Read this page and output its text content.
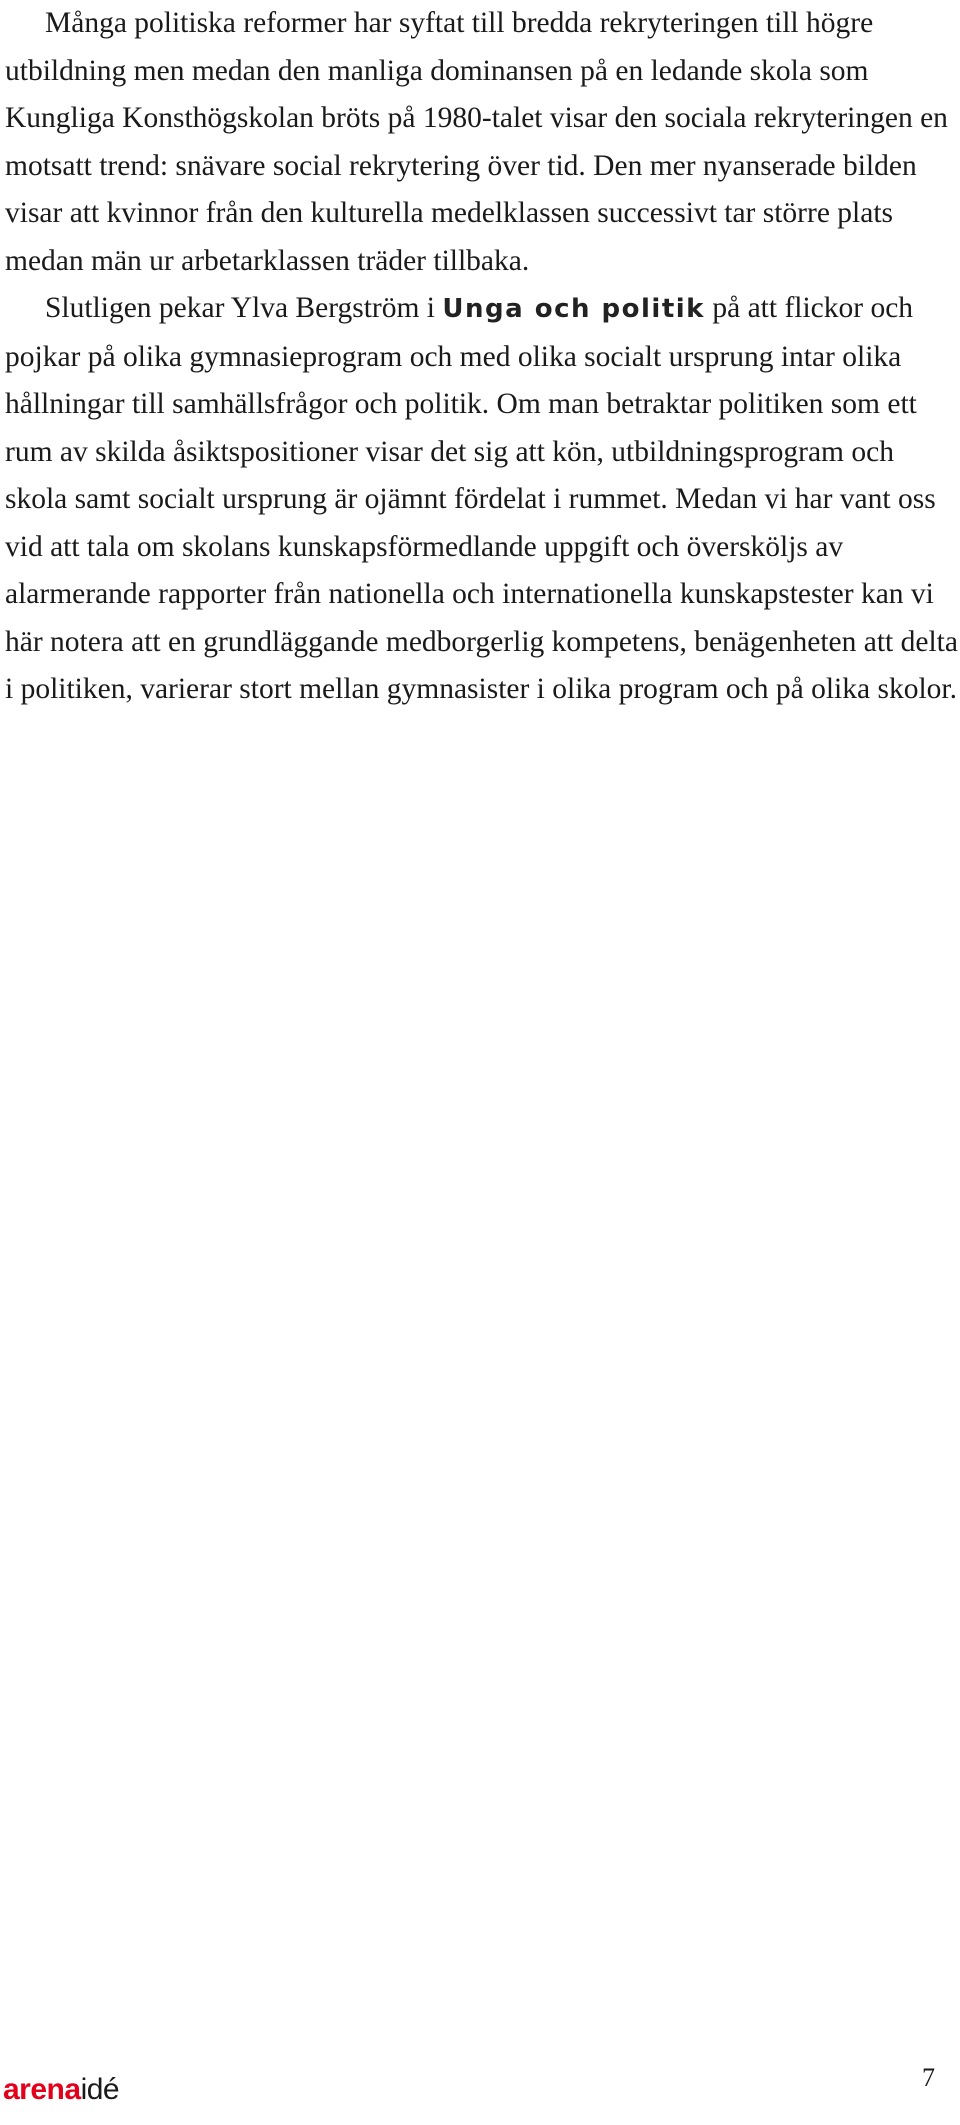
Många politiska reformer har syftat till bredda rekryteringen till högre utbildning men medan den manliga dominansen på en ledande skola som Kungliga Konsthögskolan bröts på 1980-talet visar den sociala rekryteringen en motsatt trend: snävare social rekrytering över tid. Den mer nyanserade bilden visar att kvinnor från den kulturella medelklassen successivt tar större plats medan män ur arbetarklassen träder tillbaka.

Slutligen pekar Ylva Bergström i Unga och politik på att flickor och pojkar på olika gymnasieprogram och med olika socialt ursprung intar olika hållningar till samhällsfrågor och politik. Om man betraktar politiken som ett rum av skilda åsiktspositioner visar det sig att kön, utbildningsprogram och skola samt socialt ursprung är ojämnt fördelat i rummet. Medan vi har vant oss vid att tala om skolans kunskapsförmedlande uppgift och översköljs av alarmerande rapporter från nationella och internationella kunskapstester kan vi här notera att en grundläggande medborgerlig kompetens, benägenheten att delta i politiken, varierar stort mellan gymnasister i olika program och på olika skolor.

arenaidé	7
